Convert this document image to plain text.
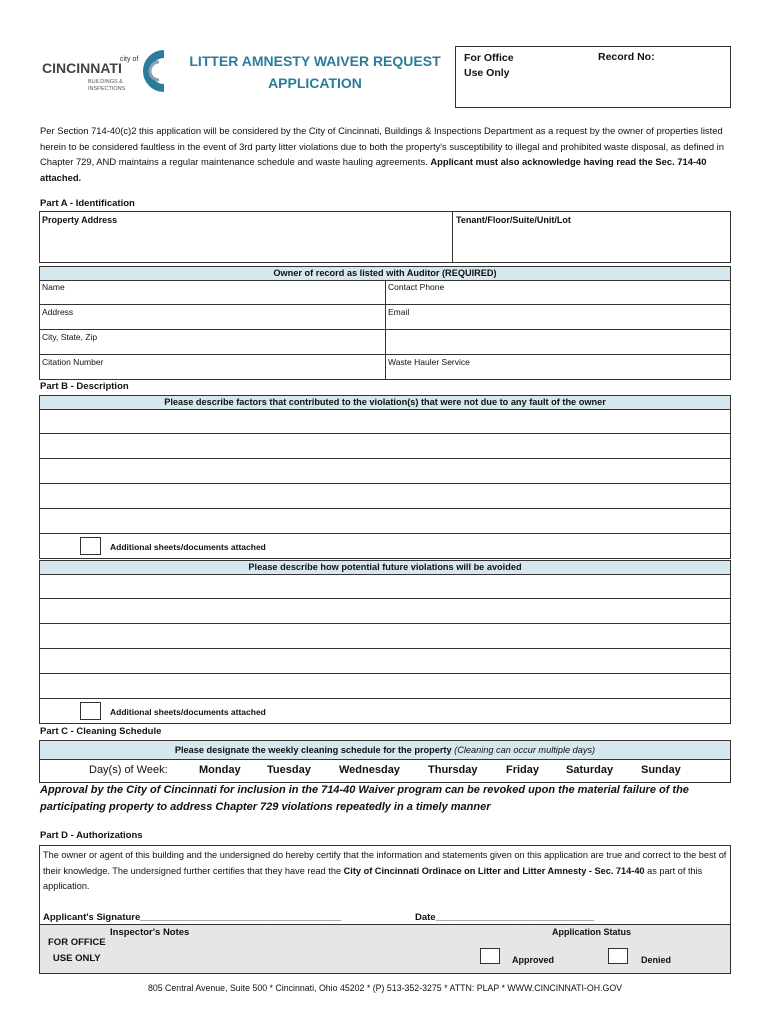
city of
CINCINNATI
BUILDINGS &
INSPECTIONS
LITTER AMNESTY WAIVER REQUEST
APPLICATION
For Office
Use Only
Record No:
Per Section 714-40(c)2 this application will be considered by the City of Cincinnati, Buildings & Inspections Department as a request by the owner of properties listed herein to be considered faultless in the event of 3rd party litter violations due to both the property's susceptibility to illegal and prohibited waste disposal, as defined in Chapter 729, AND maintains a regular maintenance schedule and waste hauling agreements. Applicant must also acknowledge having read the Sec. 714-40 attached.
Part A - Identification
Property Address	Tenant/Floor/Suite/Unit/Lot
Owner of record as listed with Auditor (REQUIRED)
Name	Contact Phone
Address	Email
City, State, Zip
Citation Number	Waste Hauler Service
Part B - Description
Please describe factors that contributed to the violation(s) that were not due to any fault of the owner
Additional sheets/documents attached
Please describe how potential future violations will be avoided
Additional sheets/documents attached
Part C - Cleaning Schedule
Please designate the weekly cleaning schedule for the property (Cleaning can occur multiple days)
Day(s) of Week:	Monday Tuesday	Wednesday	Thursday	Friday Saturday	Sunday
Approval by the City of Cincinnati for inclusion in the 714-40 Waiver program can be revoked upon the material failure of the
participating property to address Chapter 729 violations repeatedly in a timely manner
Part D - Authorizations
The owner or agent of this building and the undersigned do hereby certify that the information and statements given on this application are true and correct to the best of their knowledge. The undersigned further certifies that they have read the City of Cincinnati Ordinace on Litter and Litter Amnesty - Sec. 714-40 as part of this application.
Applicant's Signature______________________________________	Date______________________________
FOR OFFICE
USE ONLY
Inspector's Notes	Application Status
Approved	Denied
805 Central Avenue, Suite 500 * Cincinnati, Ohio 45202 * (P) 513-352-3275 * ATTN: PLAP * WWW.CINCINNATI-OH.GOV
